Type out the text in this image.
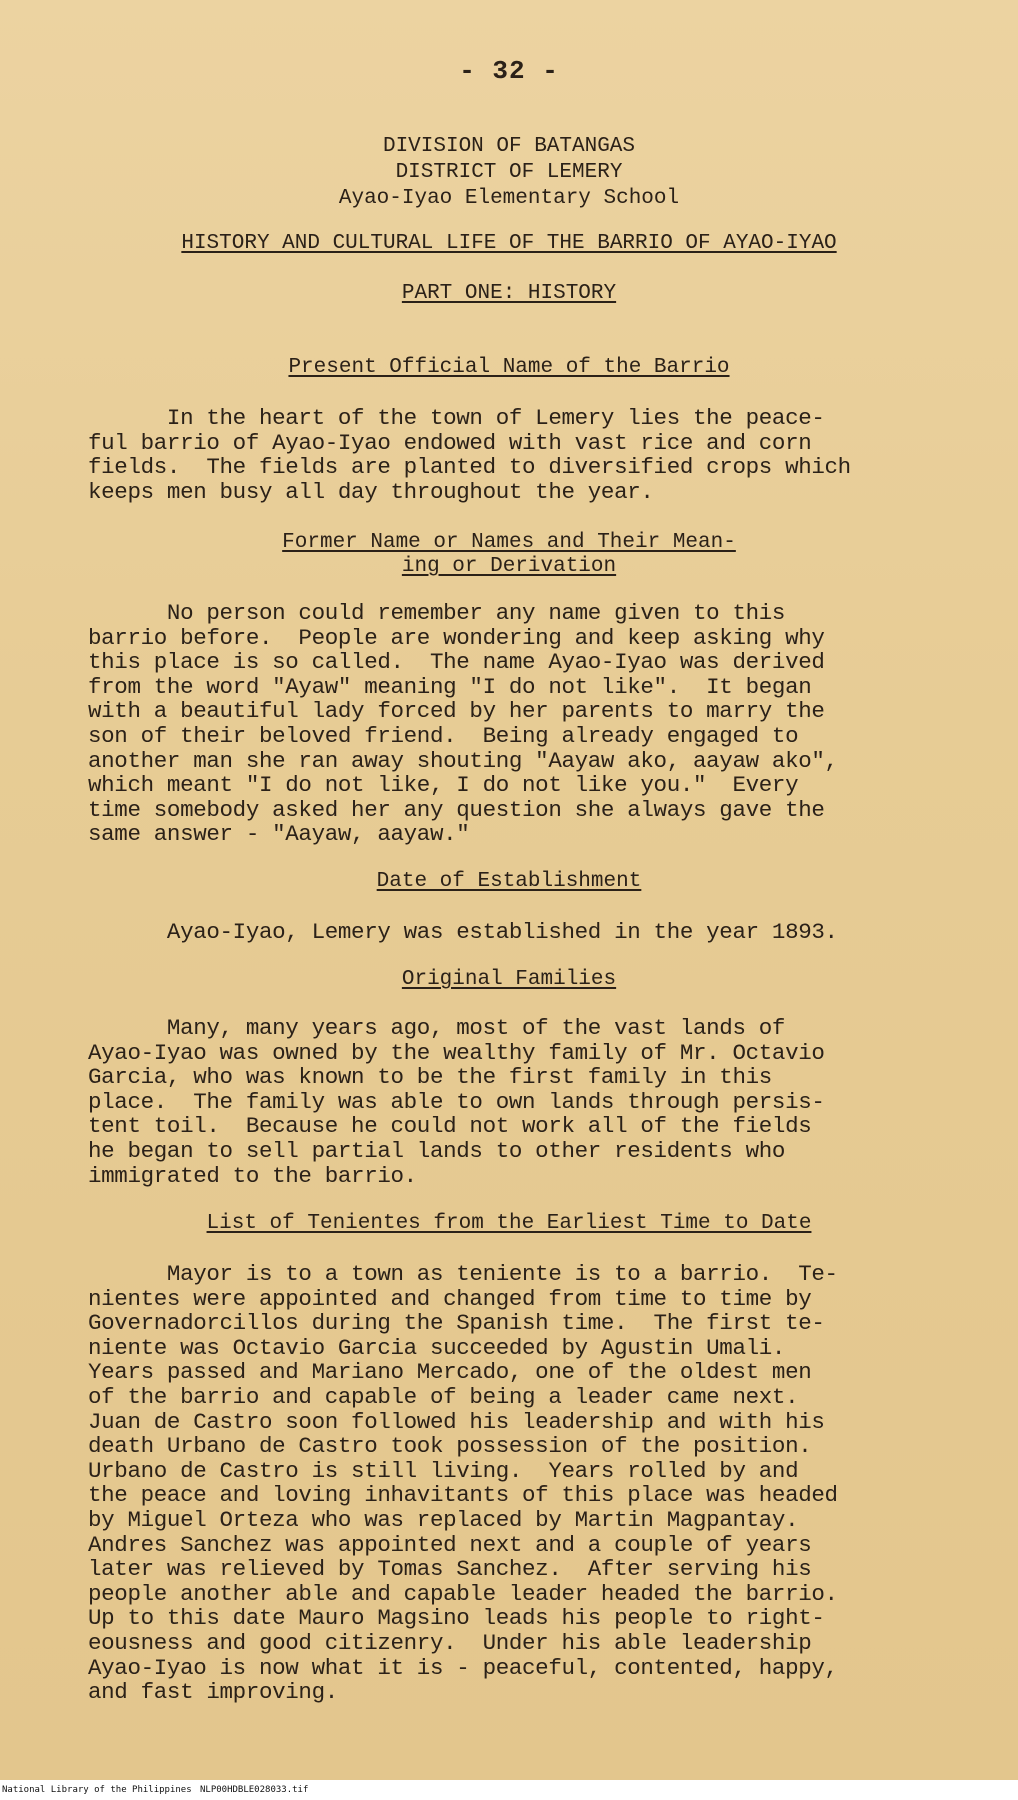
- 32 -
DIVISION OF BATANGAS
DISTRICT OF LEMERY
Ayao-Iyao Elementary School
HISTORY AND CULTURAL LIFE OF THE BARRIO OF AYAO-IYAO
PART ONE: HISTORY
Present Official Name of the Barrio
In the heart of the town of Lemery lies the peace-
ful barrio of Ayao-Iyao endowed with vast rice and corn
fields.  The fields are planted to diversified crops which
keeps men busy all day throughout the year.
Former Name or Names and Their Mean-
ing or Derivation
No person could remember any name given to this
barrio before.  People are wondering and keep asking why
this place is so called.  The name Ayao-Iyao was derived
from the word "Ayaw" meaning "I do not like".  It began
with a beautiful lady forced by her parents to marry the
son of their beloved friend.  Being already engaged to
another man she ran away shouting "Aayaw ako, aayaw ako",
which meant "I do not like, I do not like you."  Every
time somebody asked her any question she always gave the
same answer - "Aayaw, aayaw."
Date of Establishment
Ayao-Iyao, Lemery was established in the year 1893.
Original Families
Many, many years ago, most of the vast lands of
Ayao-Iyao was owned by the wealthy family of Mr. Octavio
Garcia, who was known to be the first family in this
place.  The family was able to own lands through persis-
tent toil.  Because he could not work all of the fields
he began to sell partial lands to other residents who
immigrated to the barrio.
List of Tenientes from the Earliest Time to Date
Mayor is to a town as teniente is to a barrio.  Te-
nientes were appointed and changed from time to time by
Governadorcillos during the Spanish time.  The first te-
niente was Octavio Garcia succeeded by Agustin Umali.
Years passed and Mariano Mercado, one of the oldest men
of the barrio and capable of being a leader came next.
Juan de Castro soon followed his leadership and with his
death Urbano de Castro took possession of the position.
Urbano de Castro is still living.  Years rolled by and
the peace and loving inhavitants of this place was headed
by Miguel Orteza who was replaced by Martin Magpantay.
Andres Sanchez was appointed next and a couple of years
later was relieved by Tomas Sanchez.  After serving his
people another able and capable leader headed the barrio.
Up to this date Mauro Magsino leads his people to right-
eousness and good citizenry.  Under his able leadership
Ayao-Iyao is now what it is - peaceful, contented, happy,
and fast improving.
National Library of the Philippines NLP00HDBLE028033.tif
